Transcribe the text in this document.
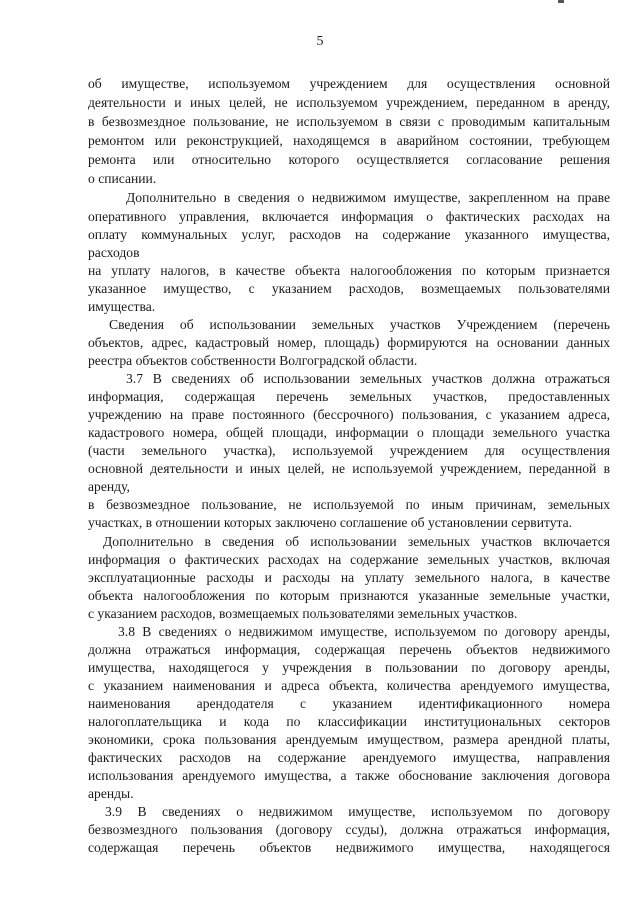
5
об имуществе, используемом учреждением для осуществления основной
деятельности и иных целей, не используемом учреждением, переданном в аренду,
в безвозмездное пользование, не используемом в связи с проводимым капитальным
ремонтом или реконструкцией, находящемся в аварийном состоянии, требующем
ремонта или относительно которого осуществляется согласование решения
о списании.
Дополнительно в сведения о недвижимом имуществе, закрепленном на праве
оперативного управления, включается информация о фактических расходах на
оплату коммунальных услуг, расходов на содержание указанного имущества,
расходов
на уплату налогов, в качестве объекта налогообложения по которым признается
указанное имущество, с указанием расходов, возмещаемых пользователями
имущества.
Сведения об использовании земельных участков Учреждением (перечень
объектов, адрес, кадастровый номер, площадь) формируются на основании данных
реестра объектов собственности Волгоградской области.
3.7 В сведениях об использовании земельных участков должна отражаться
информация, содержащая перечень земельных участков, предоставленных
учреждению на праве постоянного (бессрочного) пользования, с указанием адреса,
кадастрового номера, общей площади, информации о площади земельного участка
(части земельного участка), используемой учреждением для осуществления
основной деятельности и иных целей, не используемой учреждением, переданной в
аренду,
в безвозмездное пользование, не используемой по иным причинам, земельных
участках, в отношении которых заключено соглашение об установлении сервитута.
Дополнительно в сведения об использовании земельных участков включается
информация о фактических расходах на содержание земельных участков, включая
эксплуатационные расходы и расходы на уплату земельного налога, в качестве
объекта налогообложения по которым признаются указанные земельные участки,
с указанием расходов, возмещаемых пользователями земельных участков.
3.8 В сведениях о недвижимом имуществе, используемом по договору аренды,
должна отражаться информация, содержащая перечень объектов недвижимого
имущества, находящегося у учреждения в пользовании по договору аренды,
с указанием наименования и адреса объекта, количества арендуемого имущества,
наименования арендодателя с указанием идентификационного номера
налогоплательщика и кода по классификации институциональных секторов
экономики, срока пользования арендуемым имуществом, размера арендной платы,
фактических расходов на содержание арендуемого имущества, направления
использования арендуемого имущества, а также обоснование заключения договора
аренды.
3.9 В сведениях о недвижимом имуществе, используемом по договору
безвозмездного пользования (договору ссуды), должна отражаться информация,
содержащая перечень объектов недвижимого имущества, находящегося
